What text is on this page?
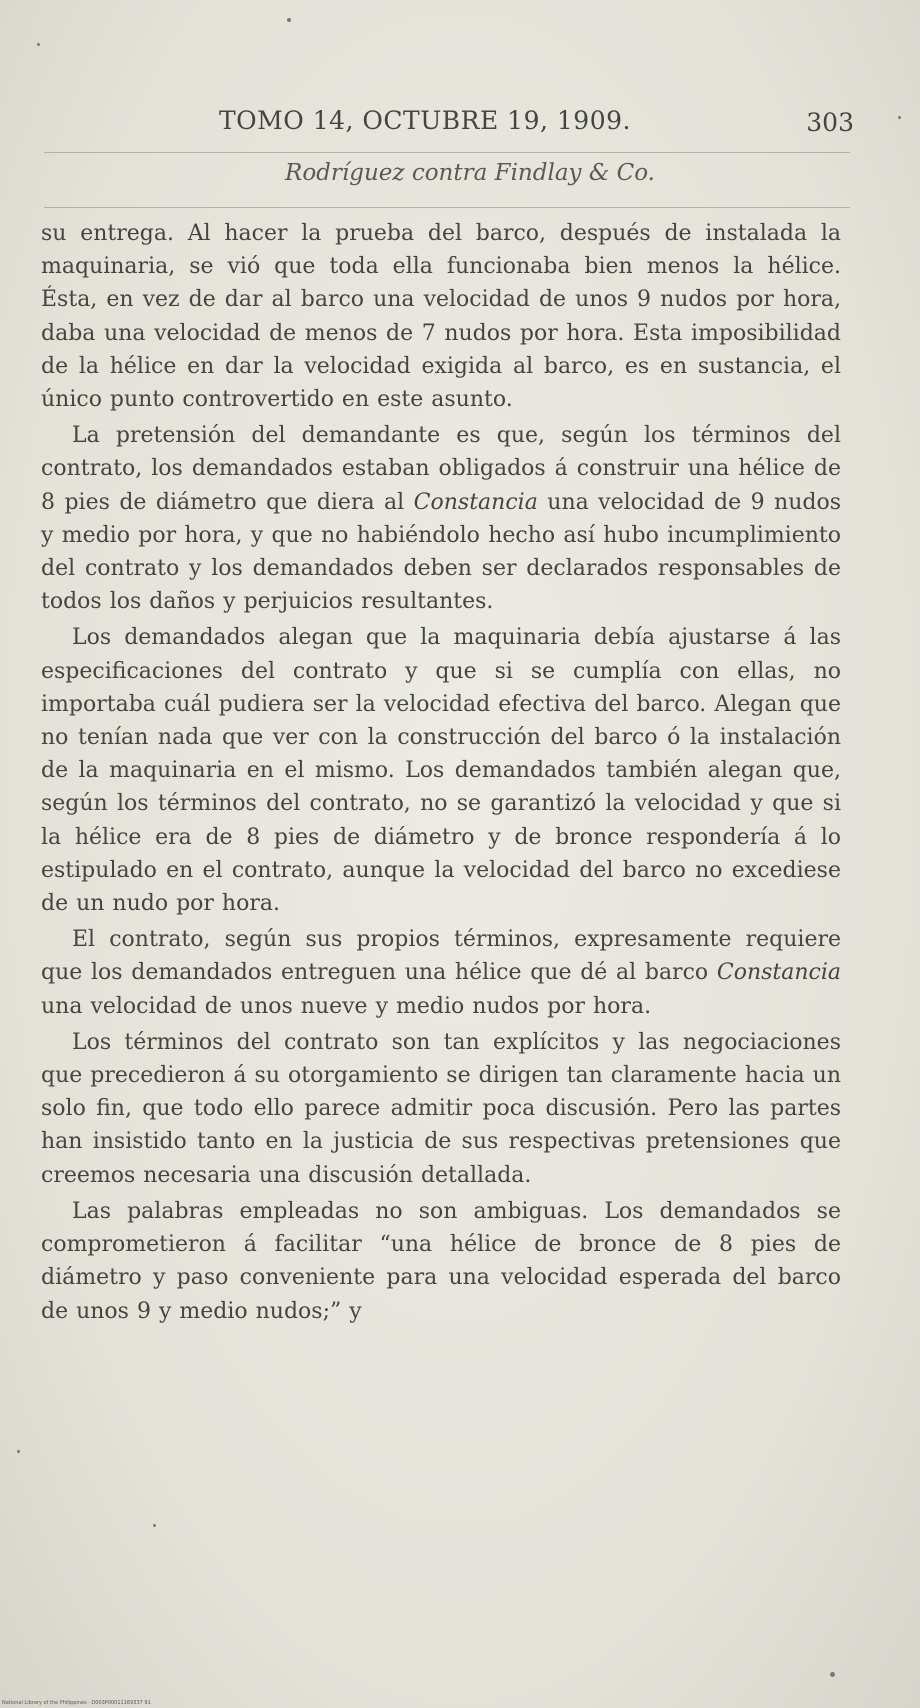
TOMO 14, OCTUBRE 19, 1909.	303
Rodríguez contra Findlay & Co.

su entrega. Al hacer la prueba del barco, después de instalada la maquinaria, se vió que toda ella funcionaba bien menos la hélice. Ésta, en vez de dar al barco una velocidad de unos 9 nudos por hora, daba una velocidad de menos de 7 nudos por hora. Esta imposibilidad de la hélice en dar la velocidad exigida al barco, es en sustancia, el único punto controvertido en este asunto.

La pretensión del demandante es que, según los términos del contrato, los demandados estaban obligados á construir una hélice de 8 pies de diámetro que diera al Constancia una velocidad de 9 nudos y medio por hora, y que no habiéndolo hecho así hubo incumplimiento del contrato y los demandados deben ser declarados responsables de todos los daños y perjuicios resultantes.

Los demandados alegan que la maquinaria debía ajustarse á las especificaciones del contrato y que si se cumplía con ellas, no importaba cuál pudiera ser la velocidad efectiva del barco. Alegan que no tenían nada que ver con la construcción del barco ó la instalación de la maquinaria en el mismo. Los demandados también alegan que, según los términos del contrato, no se garantizó la velocidad y que si la hélice era de 8 pies de diámetro y de bronce respondería á lo estipulado en el contrato, aunque la velocidad del barco no excediese de un nudo por hora.

El contrato, según sus propios términos, expresamente requiere que los demandados entreguen una hélice que dé al barco Constancia una velocidad de unos nueve y medio nudos por hora.

Los términos del contrato son tan explícitos y las negociaciones que precedieron á su otorgamiento se dirigen tan claramente hacia un solo fin, que todo ello parece admitir poca discusión. Pero las partes han insistido tanto en la justicia de sus respectivas pretensiones que creemos necesaria una discusión detallada.

Las palabras empleadas no son ambiguas. Los demandados se comprometieron á facilitar “una hélice de bronce de 8 pies de diámetro y paso conveniente para una velocidad esperada del barco de unos 9 y medio nudos;” y

National Library of the Philippines · D003P00011169337 91
